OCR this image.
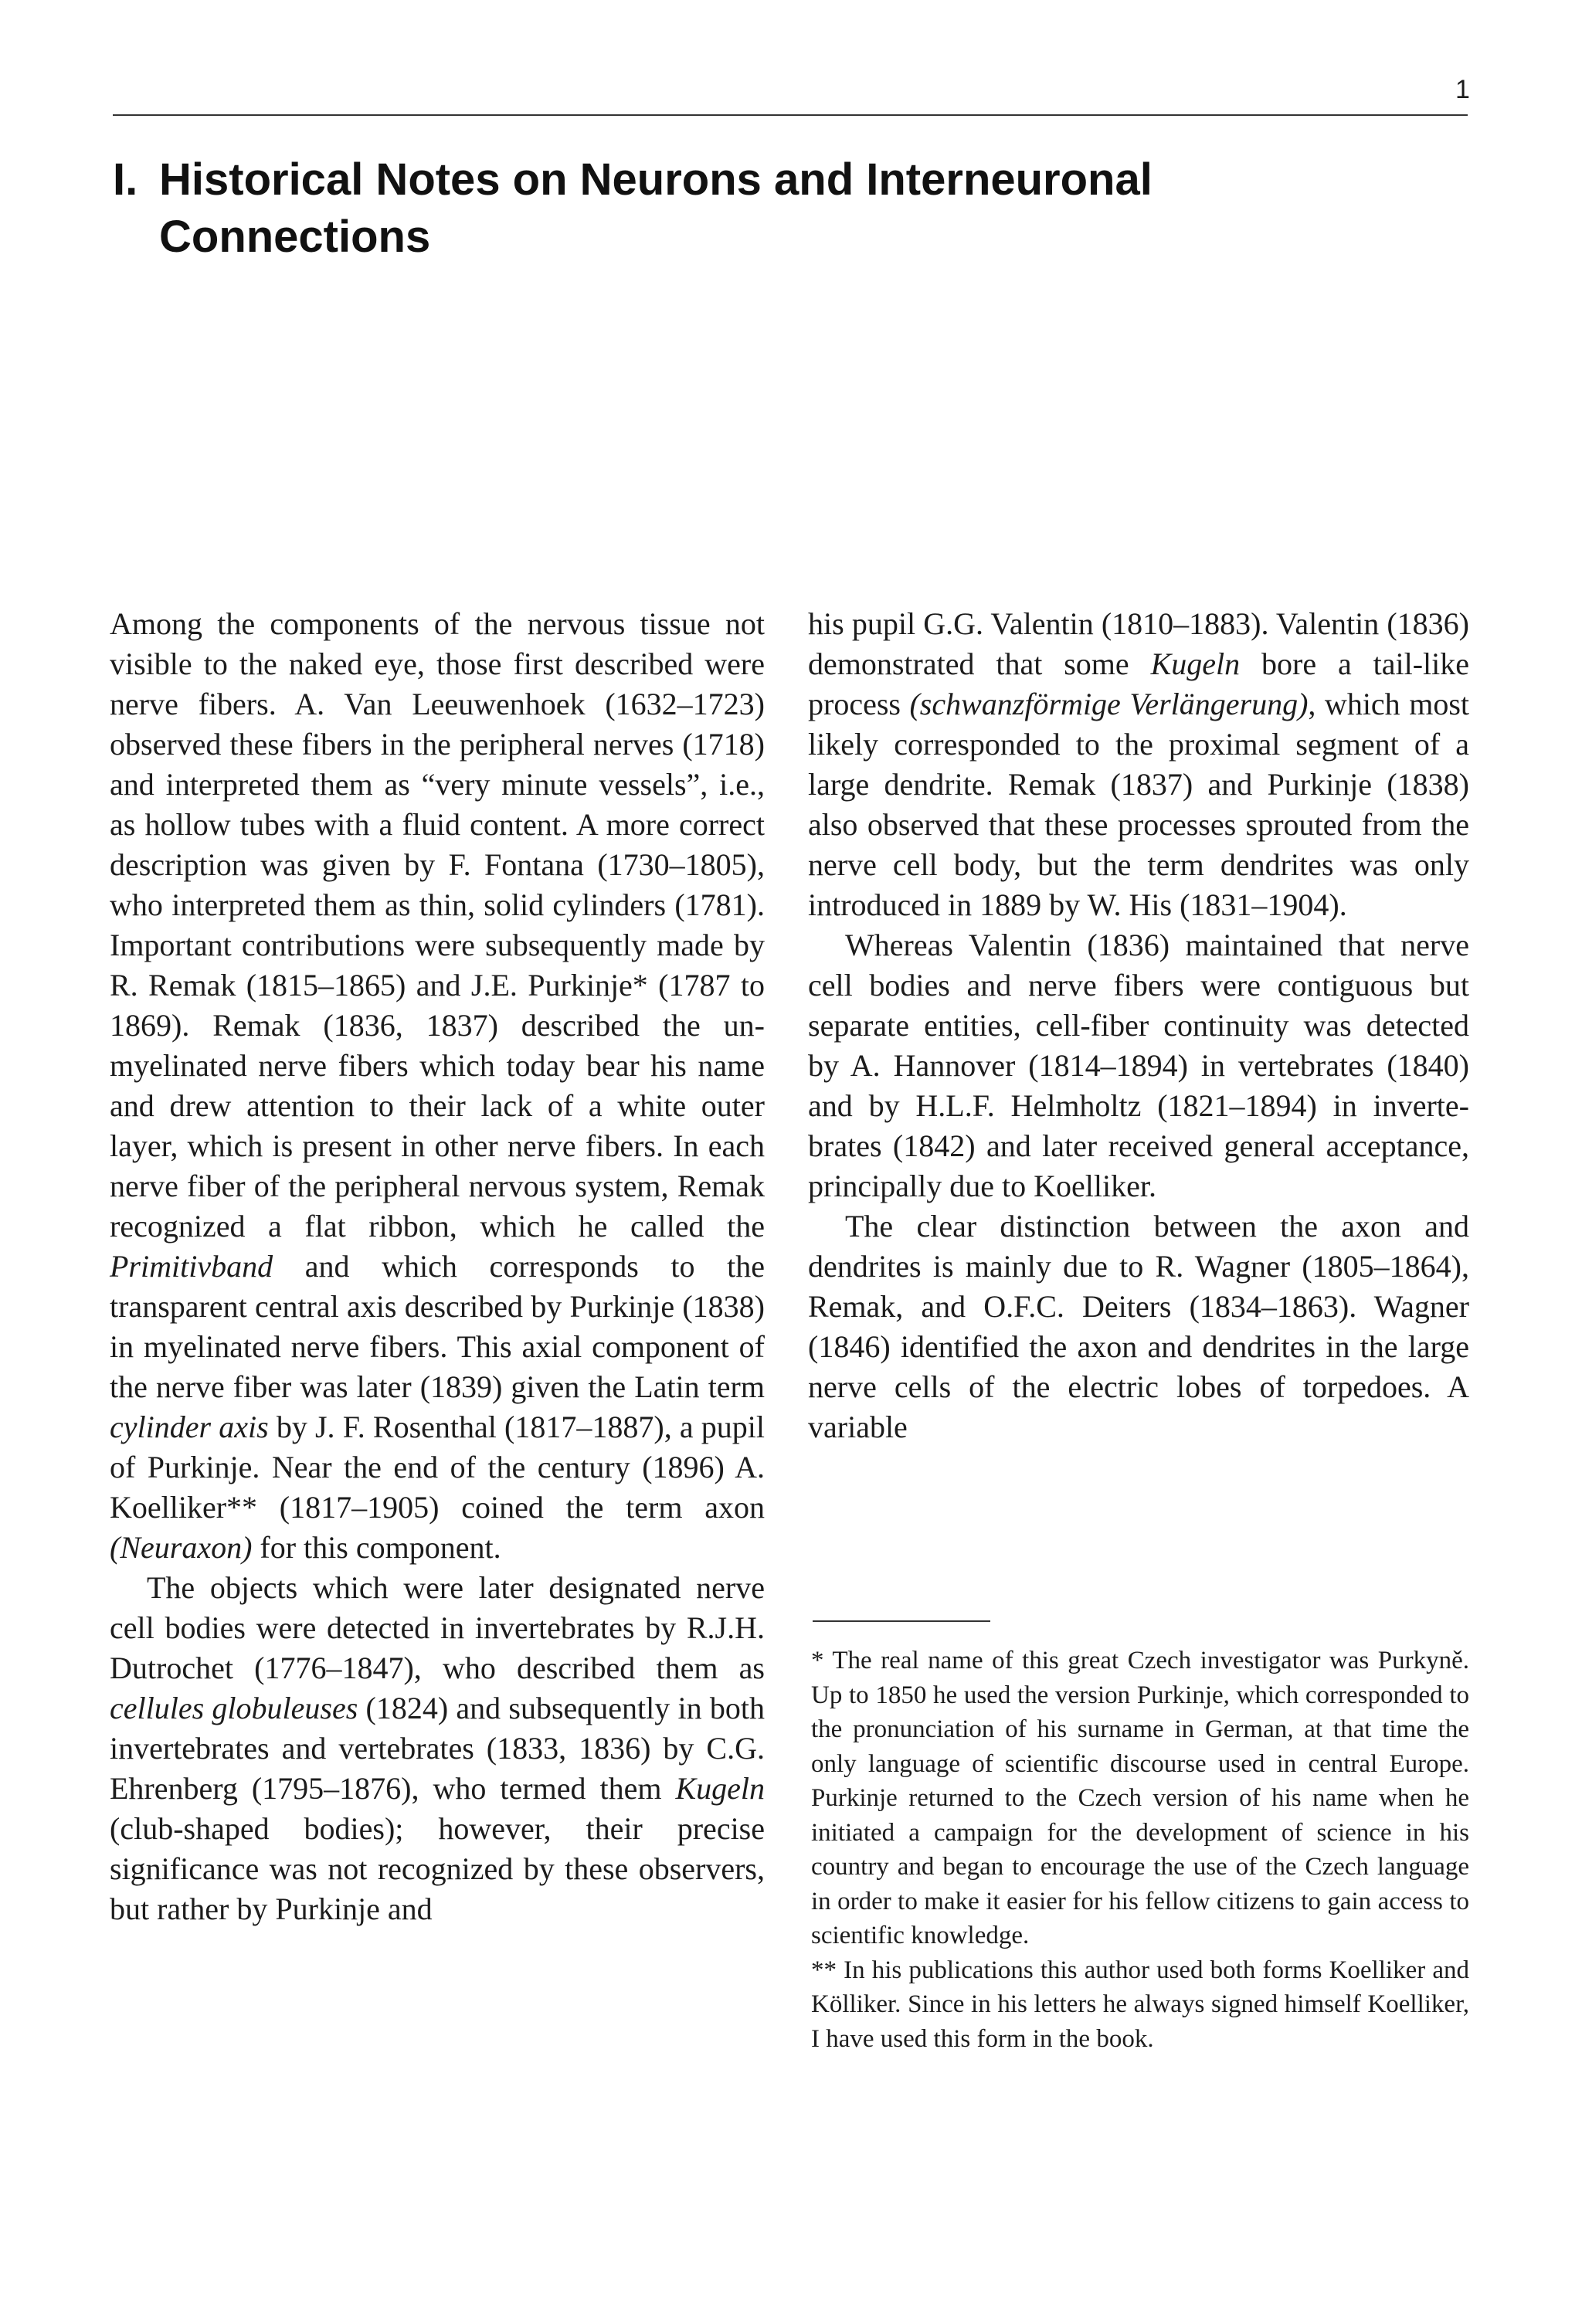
1
I. Historical Notes on Neurons and Interneuronal
Connections

Among the components of the nervous tissue not visible to the naked eye, those first described were nerve fibers. A. Van Leeuwenhoek (1632–1723) observed these fibers in the peripheral nerves (1718) and interpreted them as “very minute vessels”, i.e., as hollow tubes with a fluid content. A more correct description was given by F. Fontana (1730–1805), who interpreted them as thin, solid cylinders (1781). Important contributions were subsequently made by R. Remak (1815–1865) and J.E. Purkinje* (1787 to 1869). Remak (1836, 1837) described the unmyelinated nerve fibers which today bear his name and drew attention to their lack of a white outer layer, which is present in other nerve fibers. In each nerve fiber of the peripheral nervous system, Remak recognized a flat ribbon, which he called the Primitivband and which corresponds to the transparent central axis described by Purkinje (1838) in myelinated nerve fibers. This axial component of the nerve fiber was later (1839) given the Latin term cylinder axis by J. F. Rosenthal (1817–1887), a pupil of Purkinje. Near the end of the century (1896) A. Koelliker** (1817–1905) coined the term axon (Neuraxon) for this component.

The objects which were later designated nerve cell bodies were detected in invertebrates by R.J.H. Dutrochet (1776–1847), who described them as cellules globuleuses (1824) and subsequently in both invertebrates and vertebrates (1833, 1836) by C.G. Ehrenberg (1795–1876), who termed them Kugeln (club-shaped bodies); however, their precise significance was not recognized by these observers, but rather by Purkinje and

his pupil G.G. Valentin (1810–1883). Valentin (1836) demonstrated that some Kugeln bore a tail-like process (schwanzförmige Verlängerung), which most likely corresponded to the proximal segment of a large dendrite. Remak (1837) and Purkinje (1838) also observed that these processes sprouted from the nerve cell body, but the term dendrites was only introduced in 1889 by W. His (1831–1904).

Whereas Valentin (1836) maintained that nerve cell bodies and nerve fibers were contiguous but separate entities, cell-fiber continuity was detected by A. Hannover (1814–1894) in vertebrates (1840) and by H.L.F. Helmholtz (1821–1894) in invertebrates (1842) and later received general acceptance, principally due to Koelliker.

The clear distinction between the axon and dendrites is mainly due to R. Wagner (1805–1864), Remak, and O.F.C. Deiters (1834–1863). Wagner (1846) identified the axon and dendrites in the large nerve cells of the electric lobes of torpedoes. A variable

* The real name of this great Czech investigator was Purkyně. Up to 1850 he used the version Purkinje, which corresponded to the pronunciation of his surname in German, at that time the only language of scientific discourse used in central Europe. Purkinje returned to the Czech version of his name when he initiated a campaign for the development of science in his country and began to encourage the use of the Czech language in order to make it easier for his fellow citizens to gain access to scientific knowledge.

** In his publications this author used both forms Koelliker and Kölliker. Since in his letters he always signed himself Koelliker, I have used this form in the book.
